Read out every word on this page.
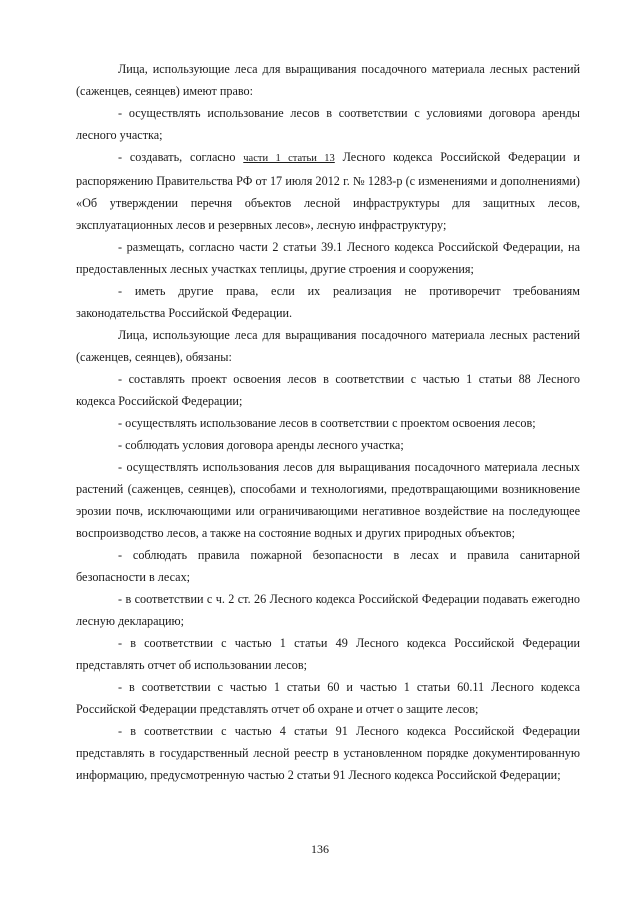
Лица, использующие леса для выращивания посадочного материала лесных растений (саженцев, сеянцев) имеют право:

- осуществлять использование лесов в соответствии с условиями договора аренды лесного участка;

- создавать, согласно части 1 статьи 13 Лесного кодекса Российской Федерации и распоряжению Правительства РФ от 17 июля 2012 г. № 1283-р (с изменениями и дополнениями) «Об утверждении перечня объектов лесной инфраструктуры для защитных лесов, эксплуатационных лесов и резервных лесов», лесную инфраструктуру;

- размещать, согласно части 2 статьи 39.1 Лесного кодекса Российской Федерации, на предоставленных лесных участках теплицы, другие строения и сооружения;

- иметь другие права, если их реализация не противоречит требованиям законодательства Российской Федерации.

Лица, использующие леса для выращивания посадочного материала лесных растений (саженцев, сеянцев), обязаны:

- составлять проект освоения лесов в соответствии с частью 1 статьи 88 Лесного кодекса Российской Федерации;

- осуществлять использование лесов в соответствии с проектом освоения лесов;

- соблюдать условия договора аренды лесного участка;

- осуществлять использования лесов для выращивания посадочного материала лесных растений (саженцев, сеянцев), способами и технологиями, предотвращающими возникновение эрозии почв, исключающими или ограничивающими негативное воздействие на последующее воспроизводство лесов, а также на состояние водных и других природных объектов;

- соблюдать правила пожарной безопасности в лесах и правила санитарной безопасности в лесах;

- в соответствии с ч. 2 ст. 26 Лесного кодекса Российской Федерации подавать ежегодно лесную декларацию;

- в соответствии с частью 1 статьи 49 Лесного кодекса Российской Федерации представлять отчет об использовании лесов;

- в соответствии с частью 1 статьи 60 и частью 1 статьи 60.11 Лесного кодекса Российской Федерации представлять отчет об охране и отчет о защите лесов;

- в соответствии с частью 4 статьи 91 Лесного кодекса Российской Федерации представлять в государственный лесной реестр в установленном порядке документированную информацию, предусмотренную частью 2 статьи 91 Лесного кодекса Российской Федерации;

136
